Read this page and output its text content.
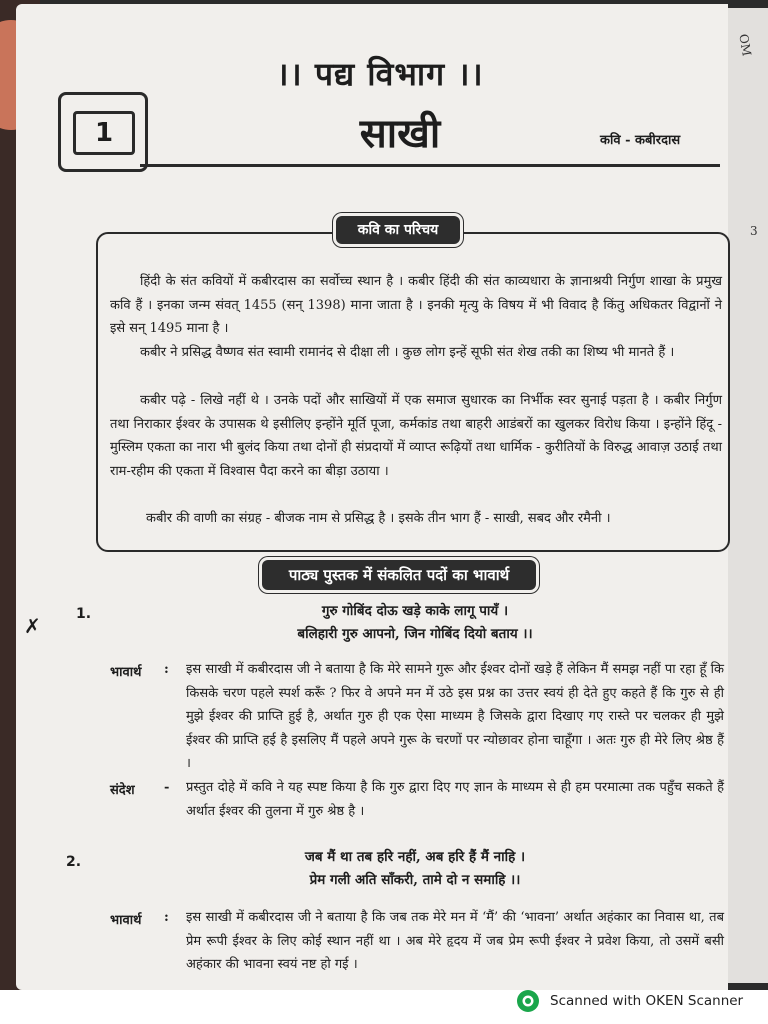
OM
3
।। पद्य विभाग ।।
1	साखी	कवि - कबीरदास
कवि का परिचय

हिंदी के संत कवियों में कबीरदास का सर्वोच्च स्थान है । कबीर हिंदी की संत काव्यधारा के ज्ञानाश्रयी निर्गुण शाखा के प्रमुख कवि हैं । इनका जन्म संवत् 1455 (सन् 1398) माना जाता है । इनकी मृत्यु के विषय में भी विवाद है किंतु अधिकतर विद्वानों ने इसे सन् 1495 माना है ।

कबीर ने प्रसिद्ध वैष्णव संत स्वामी रामानंद से दीक्षा ली । कुछ लोग इन्हें सूफी संत शेख तकी का शिष्य भी मानते हैं ।

कबीर पढ़े - लिखे नहीं थे । उनके पदों और साखियों में एक समाज सुधारक का निर्भीक स्वर सुनाई पड़ता है । कबीर निर्गुण तथा निराकार ईश्वर के उपासक थे इसीलिए इन्होंने मूर्ति पूजा, कर्मकांड तथा बाहरी आडंबरों का खुलकर विरोध किया । इन्होंने हिंदू - मुस्लिम एकता का नारा भी बुलंद किया तथा दोनों ही संप्रदायों में व्याप्त रूढ़ियों तथा धार्मिक - कुरीतियों के विरुद्ध आवाज़ उठाई तथा राम-रहीम की एकता में विश्वास पैदा करने का बीड़ा उठाया ।

कबीर की वाणी का संग्रह - बीजक नाम से प्रसिद्ध है । इसके तीन भाग हैं - साखी, सबद और रमैनी ।

पाठ्य पुस्तक में संकलित पदों का भावार्थ
✗	1.	गुरु गोबिंद दोऊ खड़े काके लागू पायँ ।

बलिहारी गुरु आपनो, जिन गोबिंद दियो बताय ।।

भावार्थ : इस साखी में कबीरदास जी ने बताया है कि मेरे सामने गुरू और ईश्वर दोनों खड़े हैं लेकिन मैं समझ नहीं पा रहा हूँ कि किसके चरण पहले स्पर्श करूँ ? फिर वे अपने मन में उठे इस प्रश्न का उत्तर स्वयं ही देते हुए कहते हैं कि गुरु से ही मुझे ईश्वर की प्राप्ति हुई है, अर्थात गुरु ही एक ऐसा माध्यम है जिसके द्वारा दिखाए गए रास्ते पर चलकर ही मुझे ईश्वर की प्राप्ति हई है इसलिए मैं पहले अपने गुरू के चरणों पर न्योछावर होना चाहूँगा । अतः गुरु ही मेरे लिए श्रेष्ठ हैं ।

संदेश - प्रस्तुत दोहे में कवि ने यह स्पष्ट किया है कि गुरु द्वारा दिए गए ज्ञान के माध्यम से ही हम परमात्मा तक पहुँच सकते हैं अर्थात ईश्वर की तुलना में गुरु श्रेष्ठ है ।

2.	जब मैं था तब हरि नहीं, अब हरि हैं मैं नाहि ।

प्रेम गली अति साँकरी, तामे दो न समाहि ।।

भावार्थ : इस साखी में कबीरदास जी ने बताया है कि जब तक मेरे मन में ‘मैं’ की ‘भावना’ अर्थात अहंकार का निवास था, तब प्रेम रूपी ईश्वर के लिए कोई स्थान नहीं था । अब मेरे हृदय में जब प्रेम रूपी ईश्वर ने प्रवेश किया, तो उसमें बसी अहंकार की भावना स्वयं नष्ट हो गई ।

Scanned with OKEN Scanner
